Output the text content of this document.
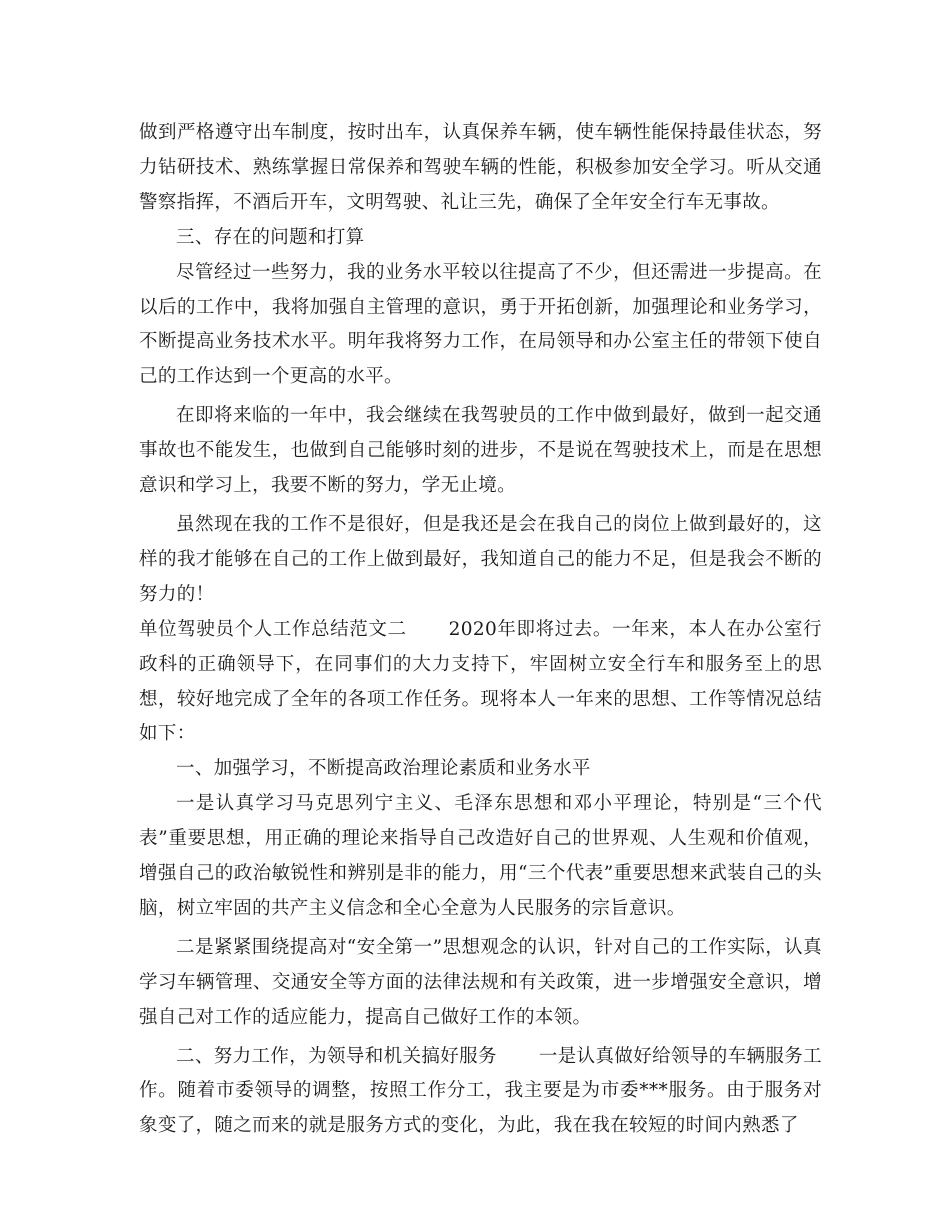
做到严格遵守出车制度，按时出车，认真保养车辆，使车辆性能保持最佳状态，努力钻研技术、熟练掌握日常保养和驾驶车辆的性能，积极参加安全学习。听从交通警察指挥，不酒后开车，文明驾驶、礼让三先，确保了全年安全行车无事故。

三、存在的问题和打算

尽管经过一些努力，我的业务水平较以往提高了不少，但还需进一步提高。在以后的工作中，我将加强自主管理的意识，勇于开拓创新，加强理论和业务学习，不断提高业务技术水平。明年我将努力工作，在局领导和办公室主任的带领下使自己的工作达到一个更高的水平。

在即将来临的一年中，我会继续在我驾驶员的工作中做到最好，做到一起交通事故也不能发生，也做到自己能够时刻的进步，不是说在驾驶技术上，而是在思想意识和学习上，我要不断的努力，学无止境。

虽然现在我的工作不是很好，但是我还是会在我自己的岗位上做到最好的，这样的我才能够在自己的工作上做到最好，我知道自己的能力不足，但是我会不断的努力的！

单位驾驶员个人工作总结范文二 2020年即将过去。一年来，本人在办公室行政科的正确领导下，在同事们的大力支持下，牢固树立安全行车和服务至上的思想，较好地完成了全年的各项工作任务。现将本人一年来的思想、工作等情况总结如下：

一、加强学习，不断提高政治理论素质和业务水平

一是认真学习马克思列宁主义、毛泽东思想和邓小平理论，特别是“三个代表”重要思想，用正确的理论来指导自己改造好自己的世界观、人生观和价值观，增强自己的政治敏锐性和辨别是非的能力，用“三个代表”重要思想来武装自己的头脑，树立牢固的共产主义信念和全心全意为人民服务的宗旨意识。

二是紧紧围绕提高对“安全第一”思想观念的认识，针对自己的工作实际，认真学习车辆管理、交通安全等方面的法律法规和有关政策，进一步增强安全意识，增强自己对工作的适应能力，提高自己做好工作的本领。

二、努力工作，为领导和机关搞好服务 一是认真做好给领导的车辆服务工作。随着市委领导的调整，按照工作分工，我主要是为市委***服务。由于服务对象变了，随之而来的就是服务方式的变化，为此，我在我在较短的时间内熟悉了
